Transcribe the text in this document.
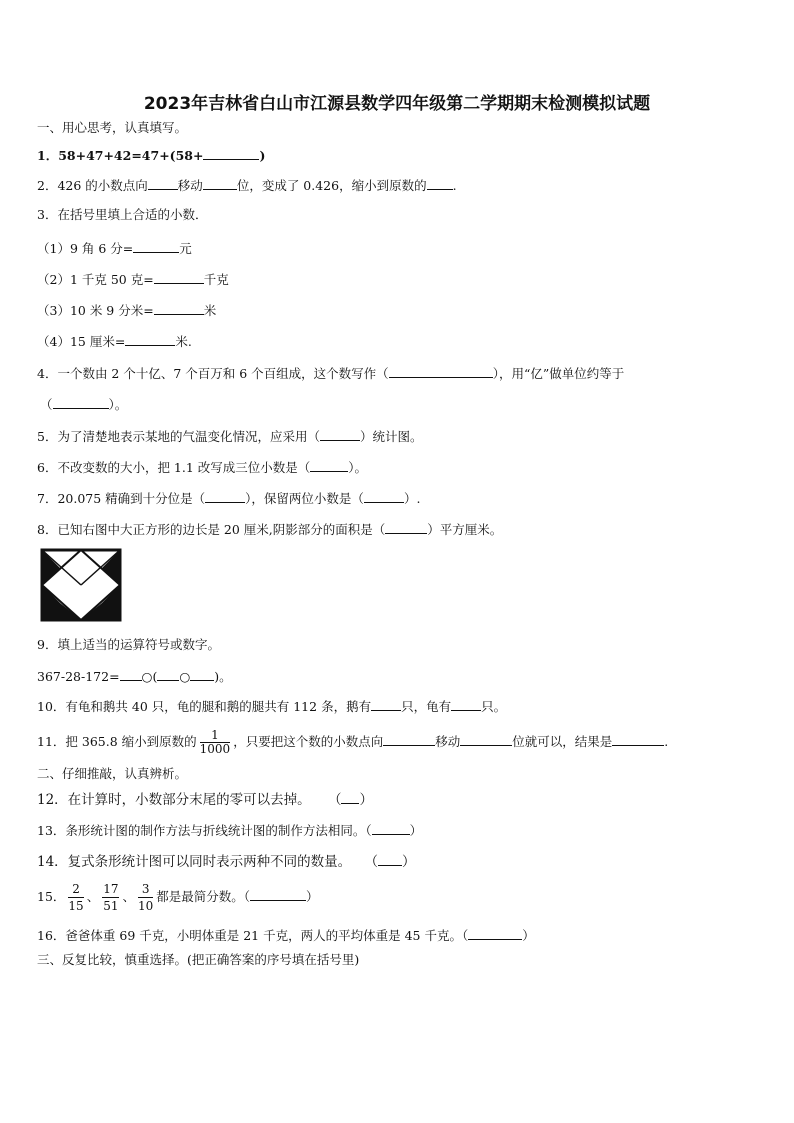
2023年吉林省白山市江源县数学四年级第二学期期末检测模拟试题
一、用心思考，认真填写。
1．58+47+42=47+(58+	)
2．426 的小数点向 移动	位，变成了 0.426，缩小到原数的 .
3．在括号里填上合适的小数．
（1）9 角 6 分=	元
（2）1 千克 50 克=	千克
（3）10 米 9 分米=	米
（4）15 厘米=	米.
4．一个数由 2 个十亿、7 个百万和 6 个百组成，这个数写作（	），用“亿”做单位约等于
（	）。
5．为了清楚地表示某地的气温变化情况，应采用（	）统计图。
6．不改变数的大小，把 1.1 改写成三位小数是（	）。
7．20.075 精确到十分位是（	），保留两位小数是（	）.
8．已知右图中大正方形的边长是 20 厘米,阴影部分的面积是（	）平方厘米。
9．填上适当的运算符号或数字。
367-28-172= ○( ○ )。
10．有龟和鹅共 40 只，龟的腿和鹅的腿共有 112 条，鹅有 只，龟有 只。
11．把 365.8 缩小到原数的 $\frac{1}{1000}$ ，只要把这个数的小数点向	移动	位就可以，结果是	.
二、仔细推敲，认真辨析。
12．在计算时，小数部分末尾的零可以去掉。 （ ）
13．条形统计图的制作方法与折线统计图的制作方法相同。（	）
14．复式条形统计图可以同时表示两种不同的数量。 （ ）
15． $\frac{2}{15}$ 、 $\frac{17}{51}$ 、 $\frac{3}{10}$ 都是最简分数。（	）
16．爸爸体重 69 千克，小明体重是 21 千克，两人的平均体重是 45 千克。（	）
三、反复比较，慎重选择。(把正确答案的序号填在括号里)
